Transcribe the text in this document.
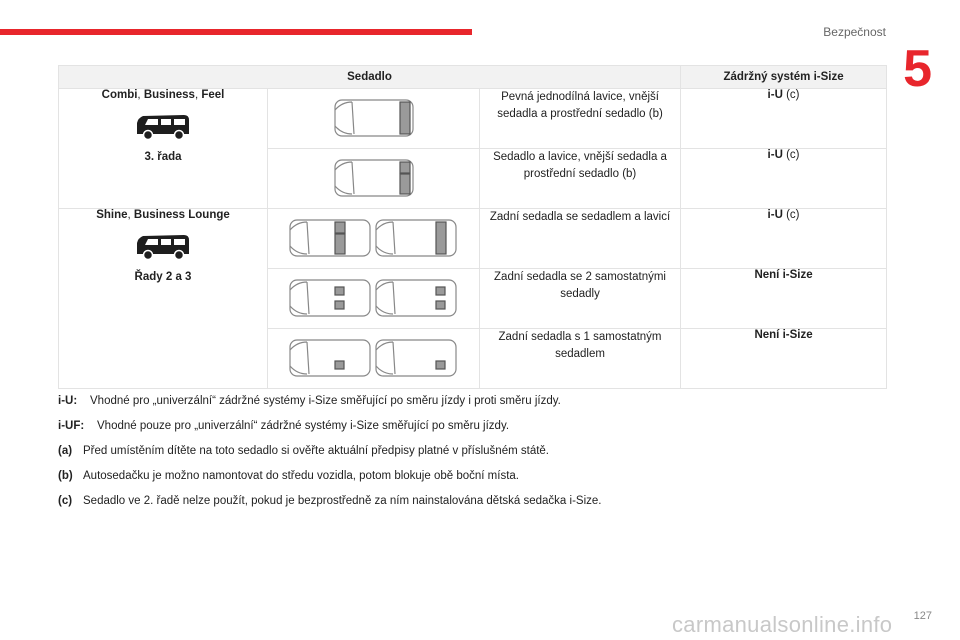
Bezpečnost
5
Sedadlo			Zádržný systém i-Size

Combi, Business, Feel
3. řada		Pevná jednodílná lavice, vnější sedadla a prostřední sedadlo (b)	i-U (c)

	Sedadlo a lavice, vnější sedadla a prostřední sedadlo (b)	i-U (c)

Shine, Business Lounge
Řady 2 a 3		Zadní sedadla se sedadlem a lavicí	i-U (c)

	Zadní sedadla se 2 samostatnými sedadly	Není i-Size

	Zadní sedadla s 1 samostatným sedadlem	Není i-Size
i-U: Vhodné pro „univerzální“ zádržné systémy i-Size směřující po směru jízdy i proti směru jízdy.
i-UF: Vhodné pouze pro „univerzální“ zádržné systémy i-Size směřující po směru jízdy.
(a) Před umístěním dítěte na toto sedadlo si ověřte aktuální předpisy platné v příslušném státě.
(b) Autosedačku je možno namontovat do středu vozidla, potom blokuje obě boční místa.
(c) Sedadlo ve 2. řadě nelze použít, pokud je bezprostředně za ním nainstalována dětská sedačka i-Size.
127
carmanualsonline.info
